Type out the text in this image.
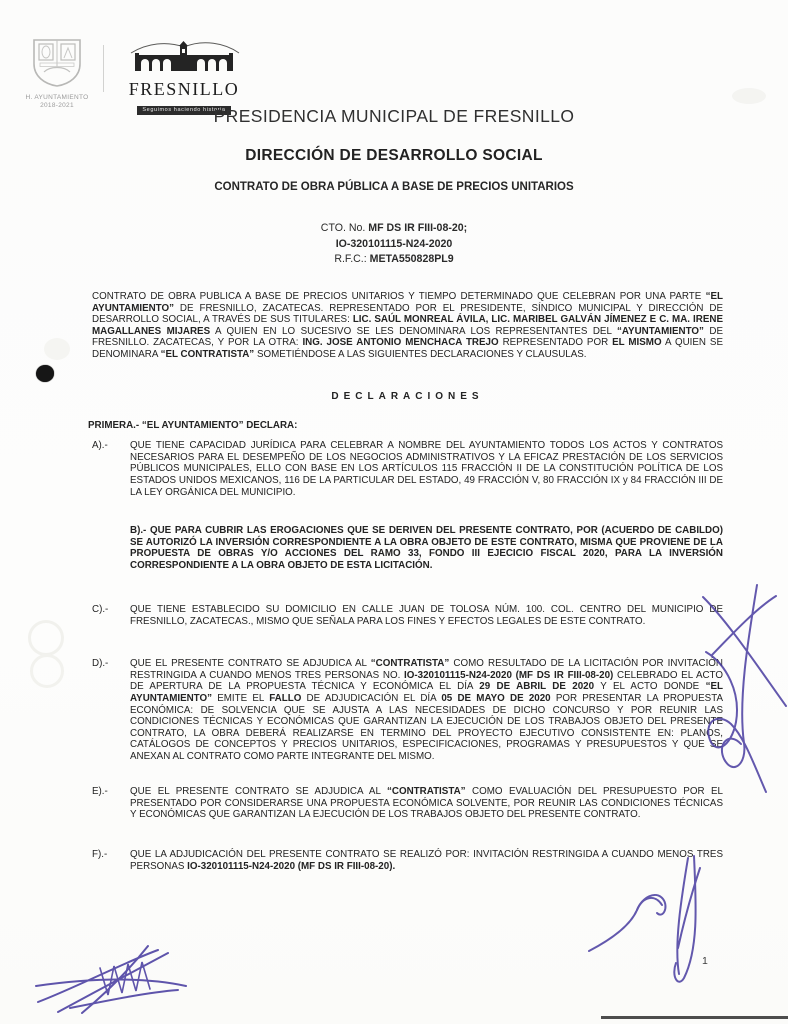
H. AYUNTAMIENTO
2018-2021
FRESNILLO
Seguimos haciendo historia
PRESIDENCIA MUNICIPAL DE FRESNILLO
DIRECCIÓN DE DESARROLLO SOCIAL
CONTRATO DE OBRA PÚBLICA A BASE DE PRECIOS UNITARIOS
CTO. No. MF DS IR FIII-08-20;
IO-320101115-N24-2020
R.F.C.: META550828PL9
CONTRATO DE OBRA PUBLICA A BASE DE PRECIOS UNITARIOS Y TIEMPO DETERMINADO QUE CELEBRAN POR UNA PARTE “EL AYUNTAMIENTO” DE FRESNILLO, ZACATECAS. REPRESENTADO POR EL PRESIDENTE, SÍNDICO MUNICIPAL Y DIRECCIÓN DE DESARROLLO SOCIAL, A TRAVÉS DE SUS TITULARES: LIC. SAÚL MONREAL ÁVILA, LIC. MARIBEL GALVÁN JÍMENEZ E C. MA. IRENE MAGALLANES MIJARES A QUIEN EN LO SUCESIVO SE LES DENOMINARA LOS REPRESENTANTES DEL “AYUNTAMIENTO” DE FRESNILLO. ZACATECAS, Y POR LA OTRA: ING. JOSE ANTONIO MENCHACA TREJO REPRESENTADO POR EL MISMO A QUIEN SE DENOMINARA “EL CONTRATISTA” SOMETIÉNDOSE A LAS SIGUIENTES DECLARACIONES Y CLAUSULAS.
DECLARACIONES
PRIMERA.- “EL AYUNTAMIENTO” DECLARA:
A).-	QUE TIENE CAPACIDAD JURÍDICA PARA CELEBRAR A NOMBRE DEL AYUNTAMIENTO TODOS LOS ACTOS Y CONTRATOS NECESARIOS PARA EL DESEMPEÑO DE LOS NEGOCIOS ADMINISTRATIVOS Y LA EFICAZ PRESTACIÓN DE LOS SERVICIOS PÚBLICOS MUNICIPALES, ELLO CON BASE EN LOS ARTÍCULOS 115 FRACCIÓN II DE LA CONSTITUCIÓN POLÍTICA DE LOS ESTADOS UNIDOS MEXICANOS, 116 DE LA PARTICULAR DEL ESTADO, 49 FRACCIÓN V, 80 FRACCIÓN IX y 84 FRACCIÓN III DE LA LEY ORGÁNICA DEL MUNICIPIO.
B).- QUE PARA CUBRIR LAS EROGACIONES QUE SE DERIVEN DEL PRESENTE CONTRATO, POR (ACUERDO DE CABILDO) SE AUTORIZÓ LA INVERSIÓN CORRESPONDIENTE A LA OBRA OBJETO DE ESTE CONTRATO, MISMA QUE PROVIENE DE LA PROPUESTA DE OBRAS Y/O ACCIONES DEL RAMO 33, FONDO III EJECICIO FISCAL 2020, PARA LA INVERSIÓN CORRESPONDIENTE A LA OBRA OBJETO DE ESTA LICITACIÓN.
C).-	QUE TIENE ESTABLECIDO SU DOMICILIO EN CALLE JUAN DE TOLOSA NÚM. 100. COL. CENTRO DEL MUNICIPIO DE FRESNILLO, ZACATECAS., MISMO QUE SEÑALA PARA LOS FINES Y EFECTOS LEGALES DE ESTE CONTRATO.
D).-	QUE EL PRESENTE CONTRATO SE ADJUDICA AL “CONTRATISTA” COMO RESULTADO DE LA LICITACIÓN POR INVITACIÓN RESTRINGIDA A CUANDO MENOS TRES PERSONAS NO. IO-320101115-N24-2020 (MF DS IR FIII-08-20) CELEBRADO EL ACTO DE APERTURA DE LA PROPUESTA TÉCNICA Y ECONÓMICA EL DÍA 29 DE ABRIL DE 2020 Y EL ACTO DONDE “EL AYUNTAMIENTO” EMITE EL FALLO DE ADJUDICACIÓN EL DÍA 05 DE MAYO DE 2020 POR PRESENTAR LA PROPUESTA ECONÓMICA: DE SOLVENCIA QUE SE AJUSTA A LAS NECESIDADES DE DICHO CONCURSO Y POR REUNIR LAS CONDICIONES TÉCNICAS Y ECONÓMICAS QUE GARANTIZAN LA EJECUCIÓN DE LOS TRABAJOS OBJETO DEL PRESENTE CONTRATO, LA OBRA DEBERÁ REALIZARSE EN TERMINO DEL PROYECTO EJECUTIVO CONSISTENTE EN: PLANOS, CATÁLOGOS DE CONCEPTOS Y PRECIOS UNITARIOS, ESPECIFICACIONES, PROGRAMAS Y PRESUPUESTOS Y QUE SE ANEXAN AL CONTRATO COMO PARTE INTEGRANTE DEL MISMO.
E).-	QUE EL PRESENTE CONTRATO SE ADJUDICA AL “CONTRATISTA” COMO EVALUACIÓN DEL PRESUPUESTO POR EL PRESENTADO POR CONSIDERARSE UNA PROPUESTA ECONÓMICA SOLVENTE, POR REUNIR LAS CONDICIONES TÉCNICAS Y ECONÓMICAS QUE GARANTIZAN LA EJECUCIÓN DE LOS TRABAJOS OBJETO DEL PRESENTE CONTRATO.
F).-	QUE LA ADJUDICACIÓN DEL PRESENTE CONTRATO SE REALIZÓ POR: INVITACIÓN RESTRINGIDA A CUANDO MENOS TRES PERSONAS IO-320101115-N24-2020 (MF DS IR FIII-08-20).
1
